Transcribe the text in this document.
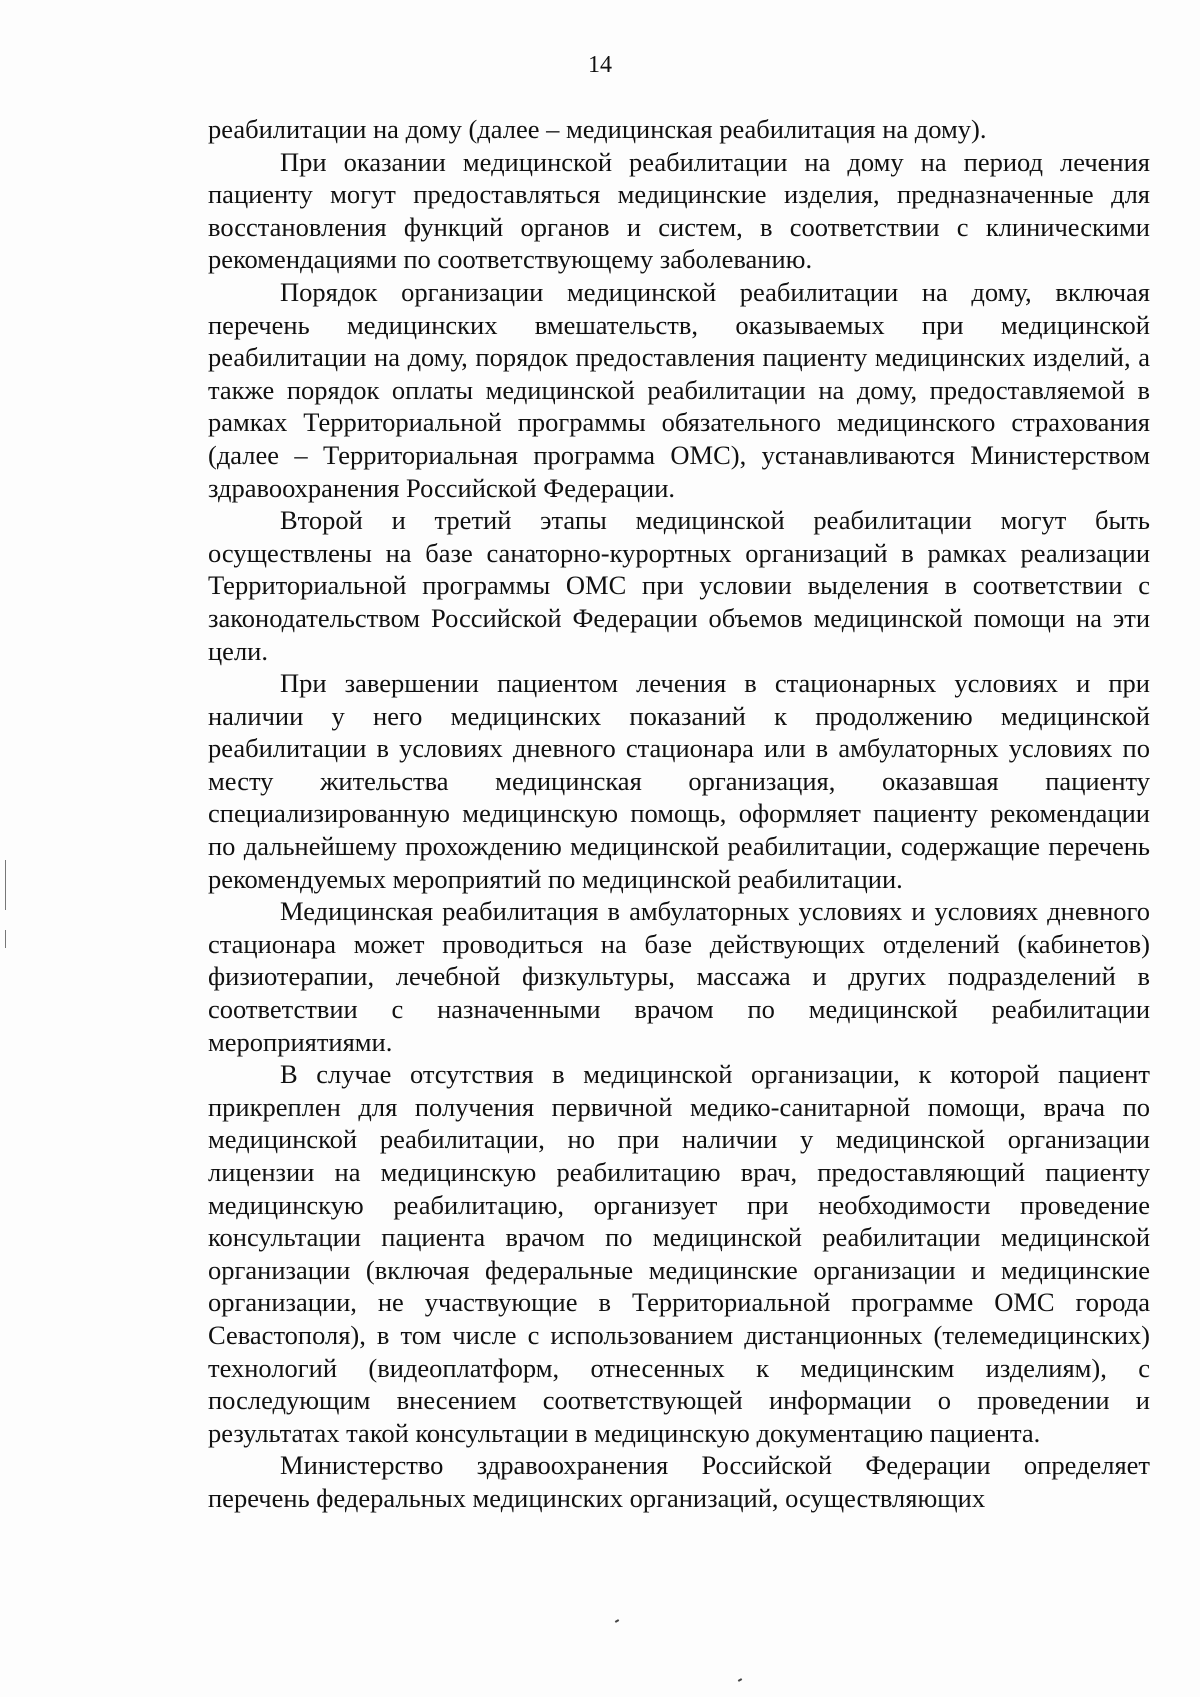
14

реабилитации на дому (далее – медицинская реабилитация на дому).

При оказании медицинской реабилитации на дому на период лечения пациенту могут предоставляться медицинские изделия, предназначенные для восстановления функций органов и систем, в соответствии с клиническими рекомендациями по соответствующему заболеванию.

Порядок организации медицинской реабилитации на дому, включая перечень медицинских вмешательств, оказываемых при медицинской реабилитации на дому, порядок предоставления пациенту медицинских изделий, а также порядок оплаты медицинской реабилитации на дому, предоставляемой в рамках Территориальной программы обязательного медицинского страхования (далее – Территориальная программа ОМС), устанавливаются Министерством здравоохранения Российской Федерации.

Второй и третий этапы медицинской реабилитации могут быть осуществлены на базе санаторно-курортных организаций в рамках реализации Территориальной программы ОМС при условии выделения в соответствии с законодательством Российской Федерации объемов медицинской помощи на эти цели.

При завершении пациентом лечения в стационарных условиях и при наличии у него медицинских показаний к продолжению медицинской реабилитации в условиях дневного стационара или в амбулаторных условиях по месту жительства медицинская организация, оказавшая пациенту специализированную медицинскую помощь, оформляет пациенту рекомендации по дальнейшему прохождению медицинской реабилитации, содержащие перечень рекомендуемых мероприятий по медицинской реабилитации.

Медицинская реабилитация в амбулаторных условиях и условиях дневного стационара может проводиться на базе действующих отделений (кабинетов) физиотерапии, лечебной физкультуры, массажа и других подразделений в соответствии с назначенными врачом по медицинской реабилитации мероприятиями.

В случае отсутствия в медицинской организации, к которой пациент прикреплен для получения первичной медико-санитарной помощи, врача по медицинской реабилитации, но при наличии у медицинской организации лицензии на медицинскую реабилитацию врач, предоставляющий пациенту медицинскую реабилитацию, организует при необходимости проведение консультации пациента врачом по медицинской реабилитации медицинской организации (включая федеральные медицинские организации и медицинские организации, не участвующие в Территориальной программе ОМС города Севастополя), в том числе с использованием дистанционных (телемедицинских) технологий (видеоплатформ, отнесенных к медицинским изделиям), с последующим внесением соответствующей информации о проведении и результатах такой консультации в медицинскую документацию пациента.

Министерство здравоохранения Российской Федерации определяет перечень федеральных медицинских организаций, осуществляющих
